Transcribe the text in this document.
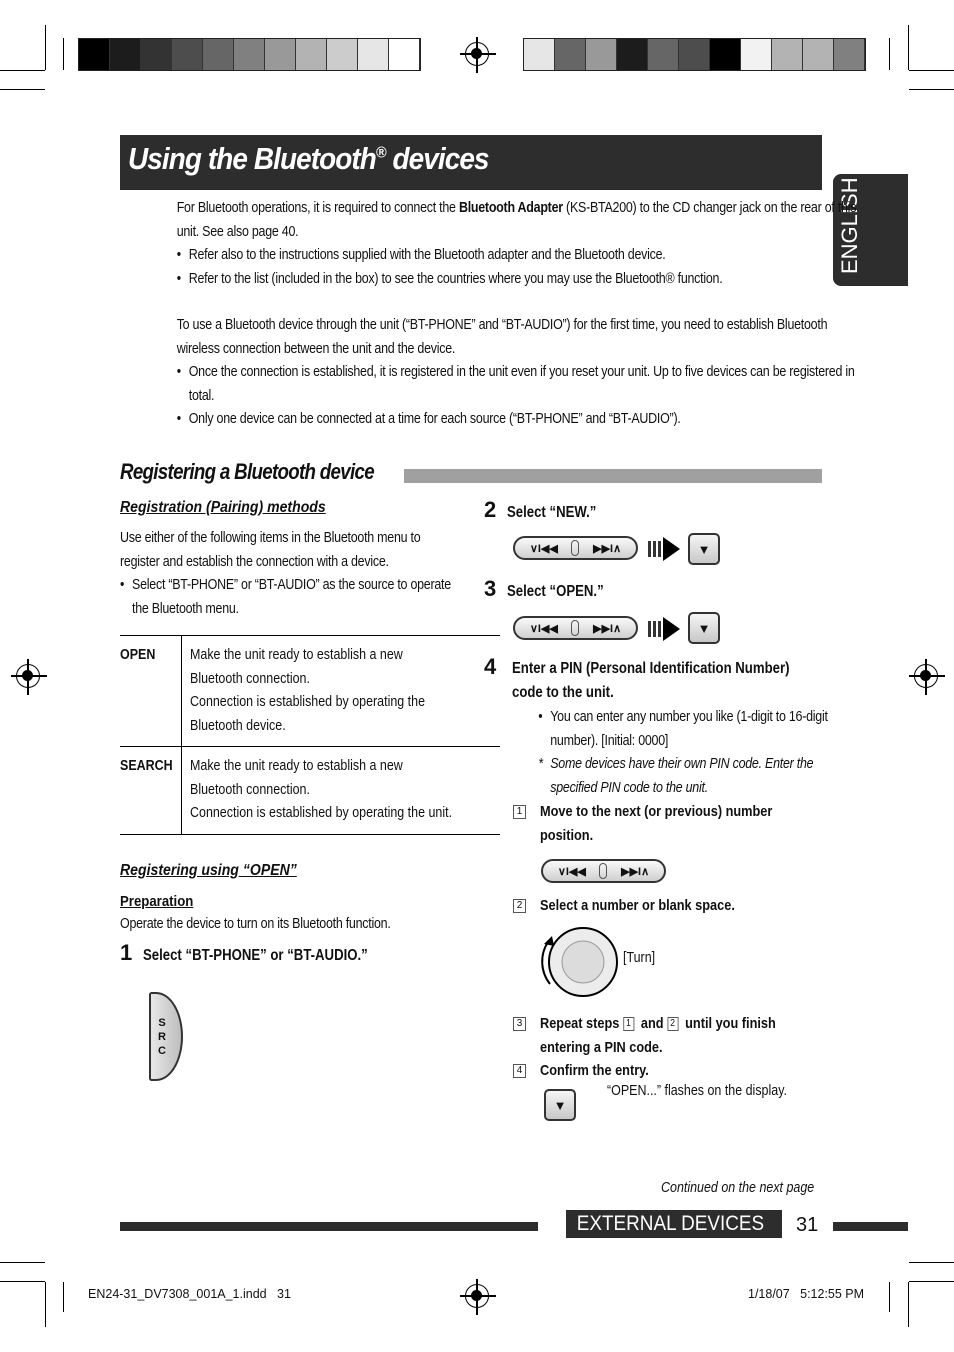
Using the Bluetooth® devices
ENGLISH
For Bluetooth operations, it is required to connect the Bluetooth Adapter (KS-BTA200) to the CD changer jack on the rear of this unit. See also page 40.
• Refer also to the instructions supplied with the Bluetooth adapter and the Bluetooth device.
• Refer to the list (included in the box) to see the countries where you may use the Bluetooth® function.
To use a Bluetooth device through the unit (“BT-PHONE” and “BT-AUDIO”) for the first time, you need to establish Bluetooth wireless connection between the unit and the device.
• Once the connection is established, it is registered in the unit even if you reset your unit. Up to five devices can be registered in total.
• Only one device can be connected at a time for each source (“BT-PHONE” and “BT-AUDIO”).
Registering a Bluetooth device
Registration (Pairing) methods
Use either of the following items in the Bluetooth menu to register and establish the connection with a device.
• Select “BT-PHONE” or “BT-AUDIO” as the source to operate the Bluetooth menu.
OPEN	Make the unit ready to establish a new Bluetooth connection.
Connection is established by operating the Bluetooth device.

SEARCH	Make the unit ready to establish a new Bluetooth connection.
Connection is established by operating the unit.
Registering using “OPEN”
Preparation
Operate the device to turn on its Bluetooth function.
1 Select “BT-PHONE” or “BT-AUDIO.”
S
R
C
2 Select “NEW.”
∨I◀◀	▶▶I∧	▼
3 Select “OPEN.”
∨I◀◀	▶▶I∧	▼
4 Enter a PIN (Personal Identification Number) code to the unit.
• You can enter any number you like (1-digit to 16-digit number). [Initial: 0000]
* Some devices have their own PIN code. Enter the specified PIN code to the unit.
1 Move to the next (or previous) number position.
∨I◀◀	▶▶I∧
2 Select a number or blank space.
[Turn]
3 Repeat steps 1 and 2 until you finish entering a PIN code.
4 Confirm the entry.
▼
“OPEN...” flashes on the display.
Continued on the next page
EXTERNAL DEVICES 31
EN24-31_DV7308_001A_1.indd   31	1/18/07   5:12:55 PM
